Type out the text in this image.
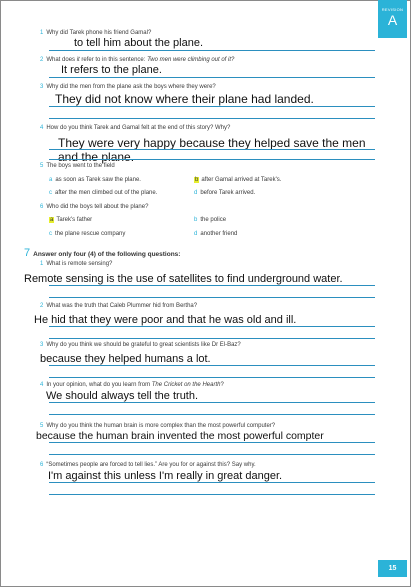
REVISION
A
1 Why did Tarek phone his friend Gamal?
to tell him about the plane.
2 What does it refer to in this sentence: Two men were climbing out of it?
It refers to the plane.
3 Why did the men from the plane ask the boys where they were?
They did not know where their plane had landed.
4 How do you think Tarek and Gamal felt at the end of this story? Why?
They were very happy because they helped save the men
and the plane.
5 The boys went to the field
a as soon as Tarek saw the plane.	b after Gamal arrived at Tarek's.
c after the men climbed out of the plane.	d before Tarek arrived.
6 Who did the boys tell about the plane?
a Tarek's father	b the police
c the plane rescue company	d another friend
7 Answer only four (4) of the following questions:
1 What is remote sensing?
Remote sensing is the use of satellites to find underground water.
2 What was the truth that Caleb Plummer hid from Bertha?
He hid that they were poor and that he was old and ill.
3 Why do you think we should be grateful to great scientists like Dr El-Baz?
because they helped humans a lot.
4 In your opinion, what do you learn from The Cricket on the Hearth?
We should always tell the truth.
5 Why do you think the human brain is more complex than the most powerful computer?
because the human brain invented the most powerful compter
6 “Sometimes people are forced to tell lies.” Are you for or against this? Say why.
I'm against this unless I'm really in great danger.
15
